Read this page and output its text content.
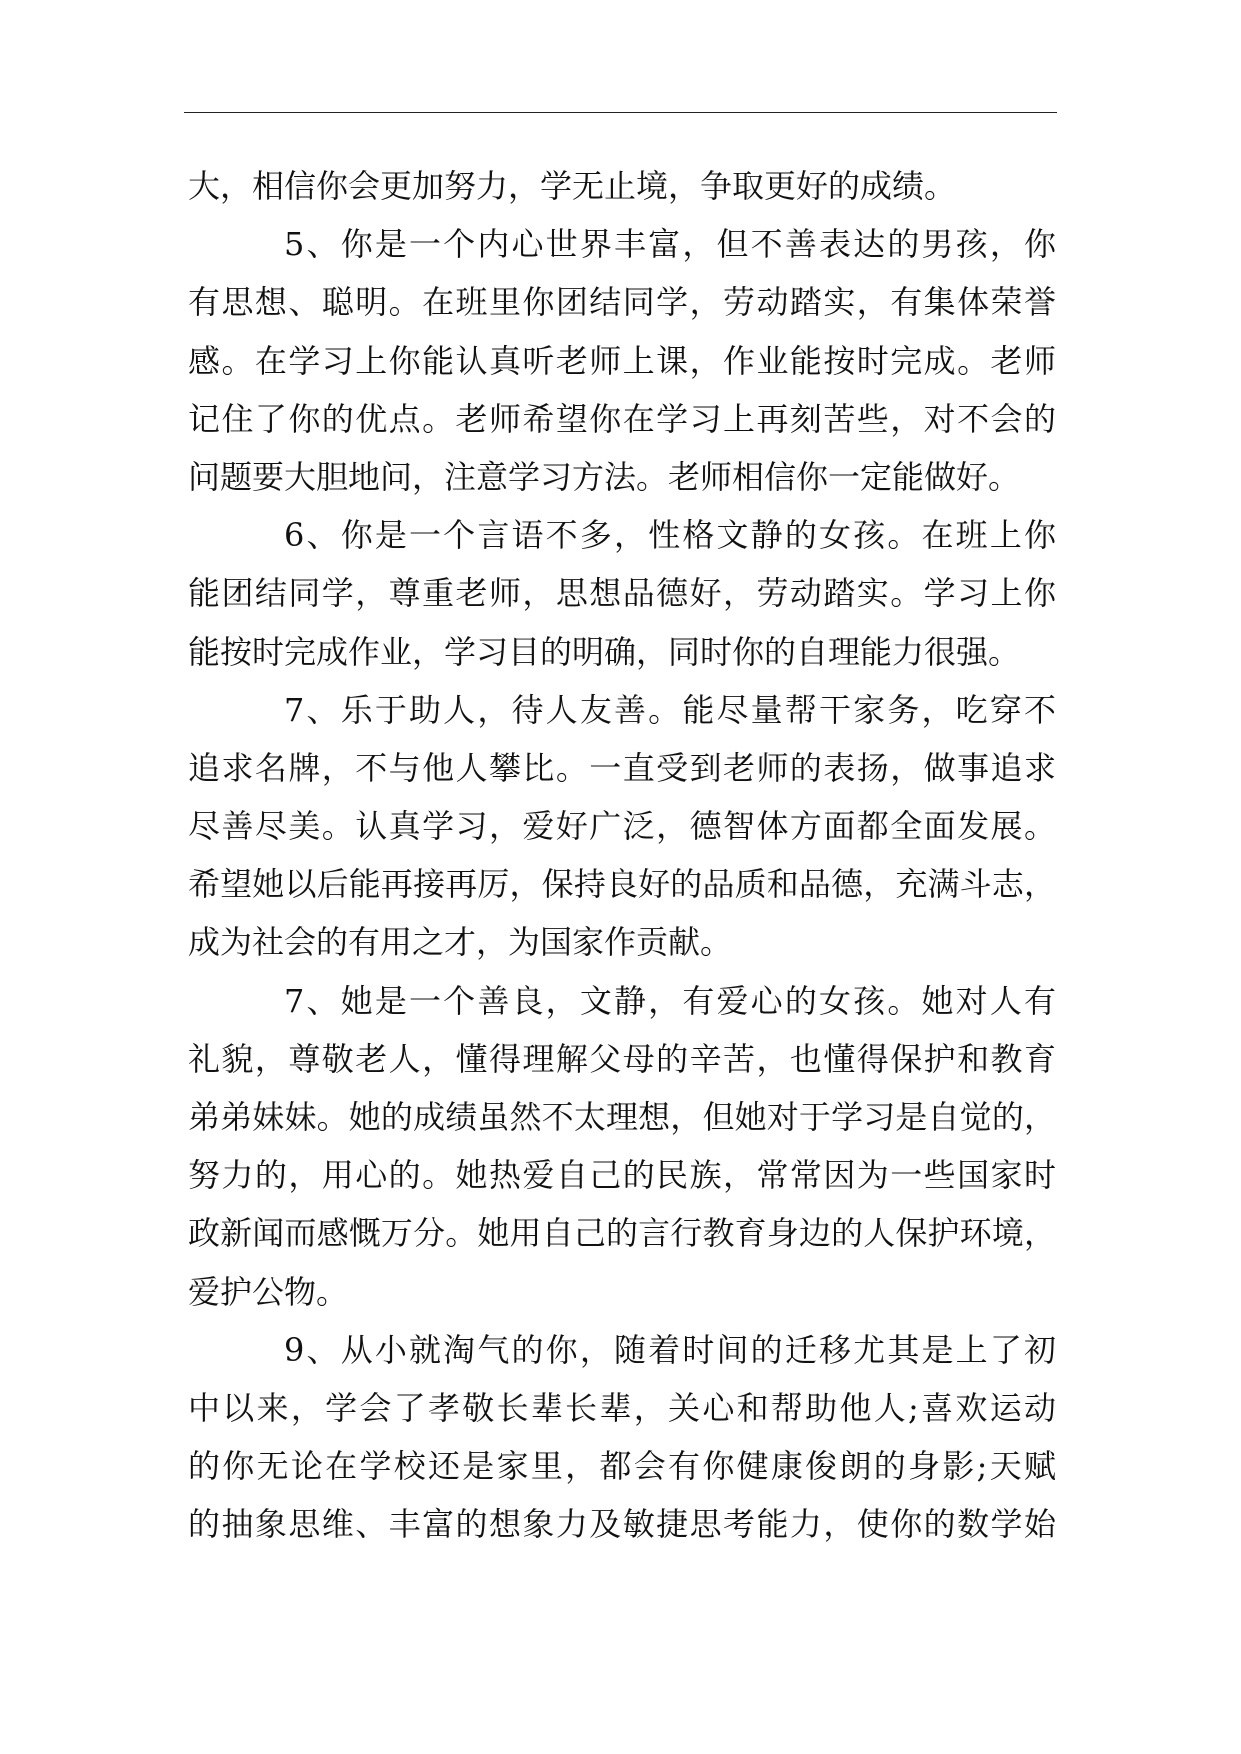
大，相信你会更加努力，学无止境，争取更好的成绩。
5、你是一个内心世界丰富，但不善表达的男孩，你
有思想、聪明。在班里你团结同学，劳动踏实，有集体荣誉
感。在学习上你能认真听老师上课，作业能按时完成。老师
记住了你的优点。老师希望你在学习上再刻苦些，对不会的
问题要大胆地问，注意学习方法。老师相信你一定能做好。
6、你是一个言语不多，性格文静的女孩。在班上你
能团结同学，尊重老师，思想品德好，劳动踏实。学习上你
能按时完成作业，学习目的明确，同时你的自理能力很强。
7、乐于助人，待人友善。能尽量帮干家务，吃穿不
追求名牌，不与他人攀比。一直受到老师的表扬，做事追求
尽善尽美。认真学习，爱好广泛，德智体方面都全面发展。
希望她以后能再接再厉，保持良好的品质和品德，充满斗志，
成为社会的有用之才，为国家作贡献。
7、她是一个善良，文静，有爱心的女孩。她对人有
礼貌，尊敬老人，懂得理解父母的辛苦，也懂得保护和教育
弟弟妹妹。她的成绩虽然不太理想，但她对于学习是自觉的，
努力的，用心的。她热爱自己的民族，常常因为一些国家时
政新闻而感慨万分。她用自己的言行教育身边的人保护环境，
爱护公物。
9、从小就淘气的你，随着时间的迁移尤其是上了初
中以来，学会了孝敬长辈长辈，关心和帮助他人;喜欢运动
的你无论在学校还是家里，都会有你健康俊朗的身影;天赋
的抽象思维、丰富的想象力及敏捷思考能力，使你的数学始
